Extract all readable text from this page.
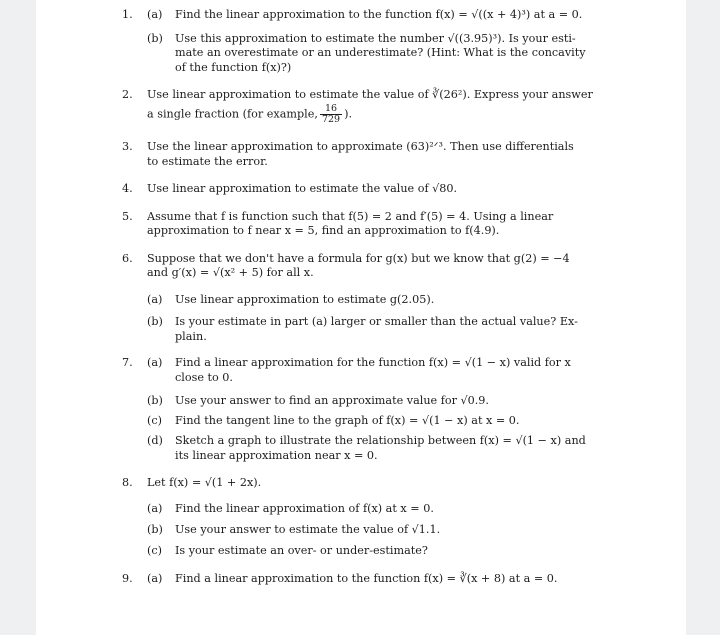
1. (a) Find the linear approximation to the function f(x) = √((x + 4)³) at a = 0.
(b) Use this approximation to estimate the number √((3.95)³). Is your esti-
mate an overestimate or an underestimate? (Hint: What is the concavity
of the function f(x)?)
2. Use linear approximation to estimate the value of ∛(26²). Express your answer
a single fraction (for example, $\frac{16}{729}$ ).
3. Use the linear approximation to approximate (63)²ᐟ³. Then use differentials
to estimate the error.
4. Use linear approximation to estimate the value of √80.
5. Assume that f is function such that f(5) = 2 and f′(5) = 4. Using a linear
approximation to f near x = 5, find an approximation to f(4.9).
6. Suppose that we don't have a formula for g(x) but we know that g(2) = −4
and g′(x) = √(x² + 5) for all x.
(a) Use linear approximation to estimate g(2.05).
(b) Is your estimate in part (a) larger or smaller than the actual value? Ex-
plain.
7. (a) Find a linear approximation for the function f(x) = √(1 − x) valid for x
close to 0.
(b) Use your answer to find an approximate value for √0.9.
(c) Find the tangent line to the graph of f(x) = √(1 − x) at x = 0.
(d) Sketch a graph to illustrate the relationship between f(x) = √(1 − x) and
its linear approximation near x = 0.
8. Let f(x) = √(1 + 2x).
(a) Find the linear approximation of f(x) at x = 0.
(b) Use your answer to estimate the value of √1.1.
(c) Is your estimate an over- or under-estimate?
9. (a) Find a linear approximation to the function f(x) = ∛(x + 8) at a = 0.
